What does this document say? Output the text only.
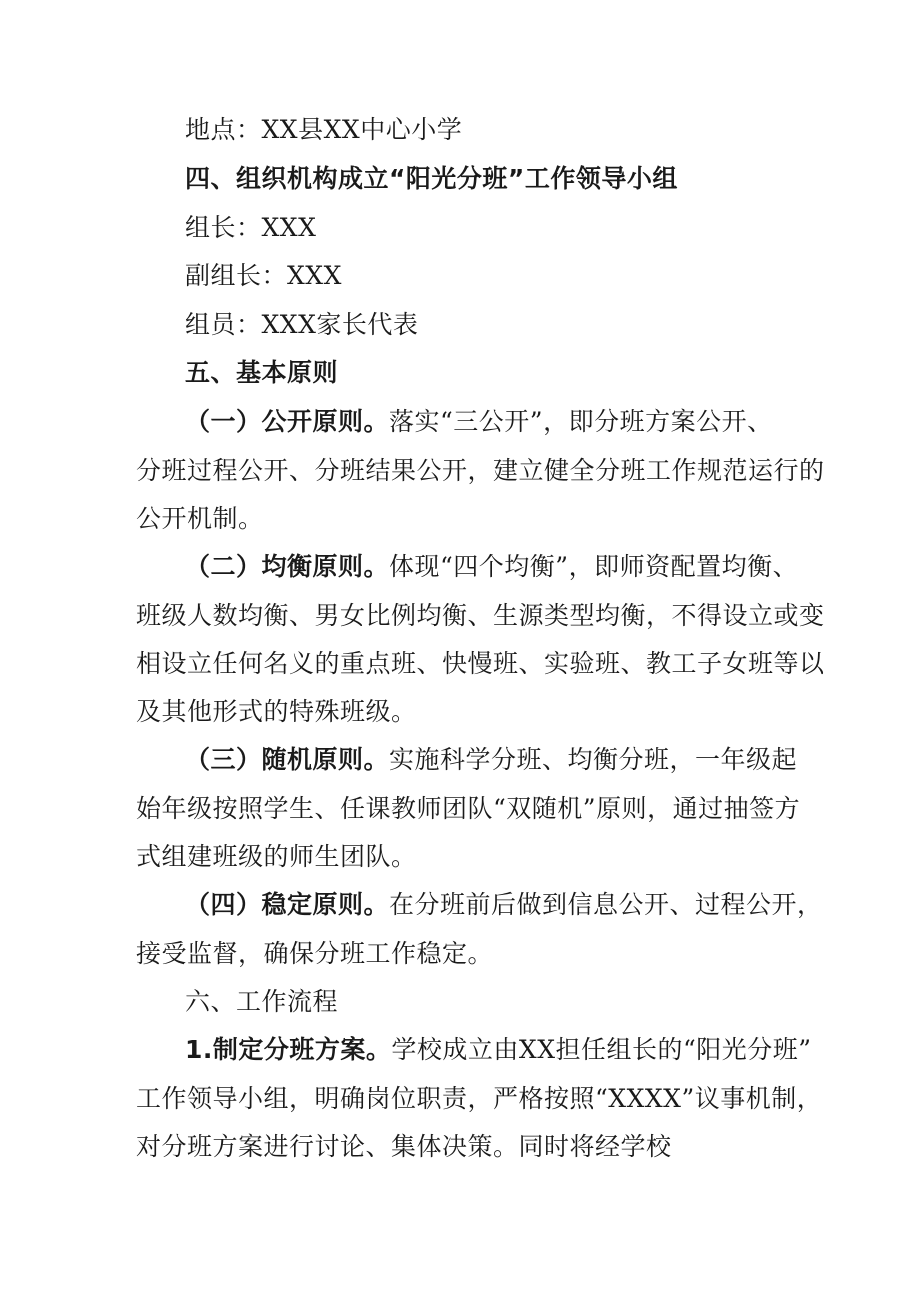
地点：XX县XX中心小学
四、组织机构成立“阳光分班”工作领导小组
组长：XXX
副组长：XXX
组员：XXX家长代表
五、基本原则
（一）公开原则。落实“三公开”，即分班方案公开、
分班过程公开、分班结果公开，建立健全分班工作规范运行的
公开机制。
（二）均衡原则。体现“四个均衡”，即师资配置均衡、
班级人数均衡、男女比例均衡、生源类型均衡，不得设立或变
相设立任何名义的重点班、快慢班、实验班、教工子女班等以
及其他形式的特殊班级。
（三）随机原则。实施科学分班、均衡分班，一年级起
始年级按照学生、任课教师团队“双随机”原则，通过抽签方
式组建班级的师生团队。
（四）稳定原则。在分班前后做到信息公开、过程公开，
接受监督，确保分班工作稳定。
六、工作流程
1.制定分班方案。学校成立由XX担任组长的“阳光分班”
工作领导小组，明确岗位职责，严格按照“XXXX”议事机制，
对分班方案进行讨论、集体决策。同时将经学校
